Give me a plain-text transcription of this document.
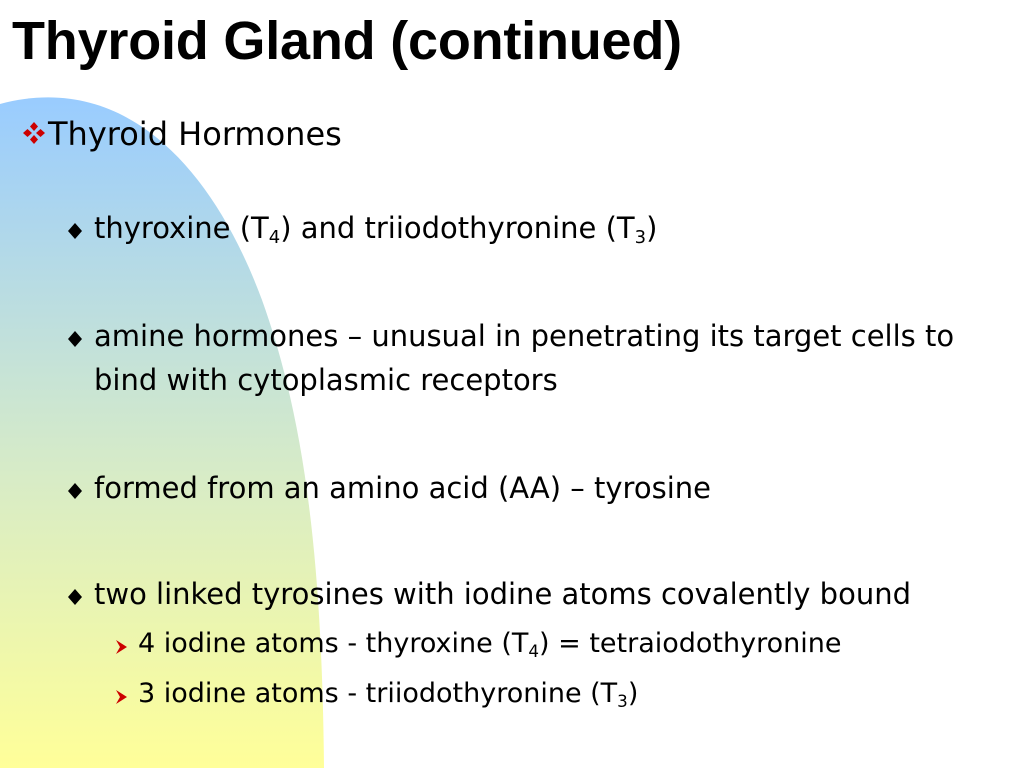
Thyroid Gland (continued)
Thyroid Hormones
thyroxine $(T_4)$ and triiodothyronine $(T_3)$
amine hormones – unusual in penetrating its target cells to bind with cytoplasmic receptors
formed from an amino acid (AA) – tyrosine
two linked tyrosines with iodine atoms covalently bound
4 iodine atoms - thyroxine $(T_4)$ = tetraiodothyronine
3 iodine atoms - triiodothyronine $(T_3)$
